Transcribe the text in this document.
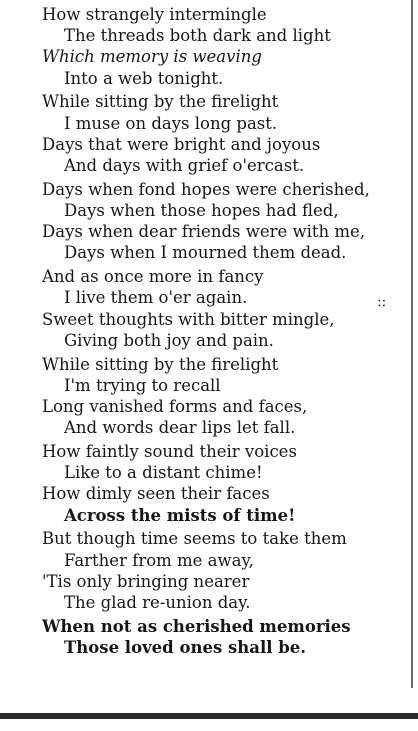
How strangely intermingle
The threads both dark and light
Which memory is weaving
Into a web tonight.
While sitting by the firelight
I muse on days long past.
Days that were bright and joyous
And days with grief o'ercast.
Days when fond hopes were cherished,
Days when those hopes had fled,
Days when dear friends were with me,
Days when I mourned them dead.
And as once more in fancy
I live them o'er again.
Sweet thoughts with bitter mingle,
Giving both joy and pain.
While sitting by the firelight
I'm trying to recall
Long vanished forms and faces,
And words dear lips let fall.
How faintly sound their voices
Like to a distant chime!
How dimly seen their faces
Across the mists of time!
But though time seems to take them
Farther from me away,
'Tis only bringing nearer
The glad re-union day.
When not as cherished memories
Those loved ones shall be.
::
